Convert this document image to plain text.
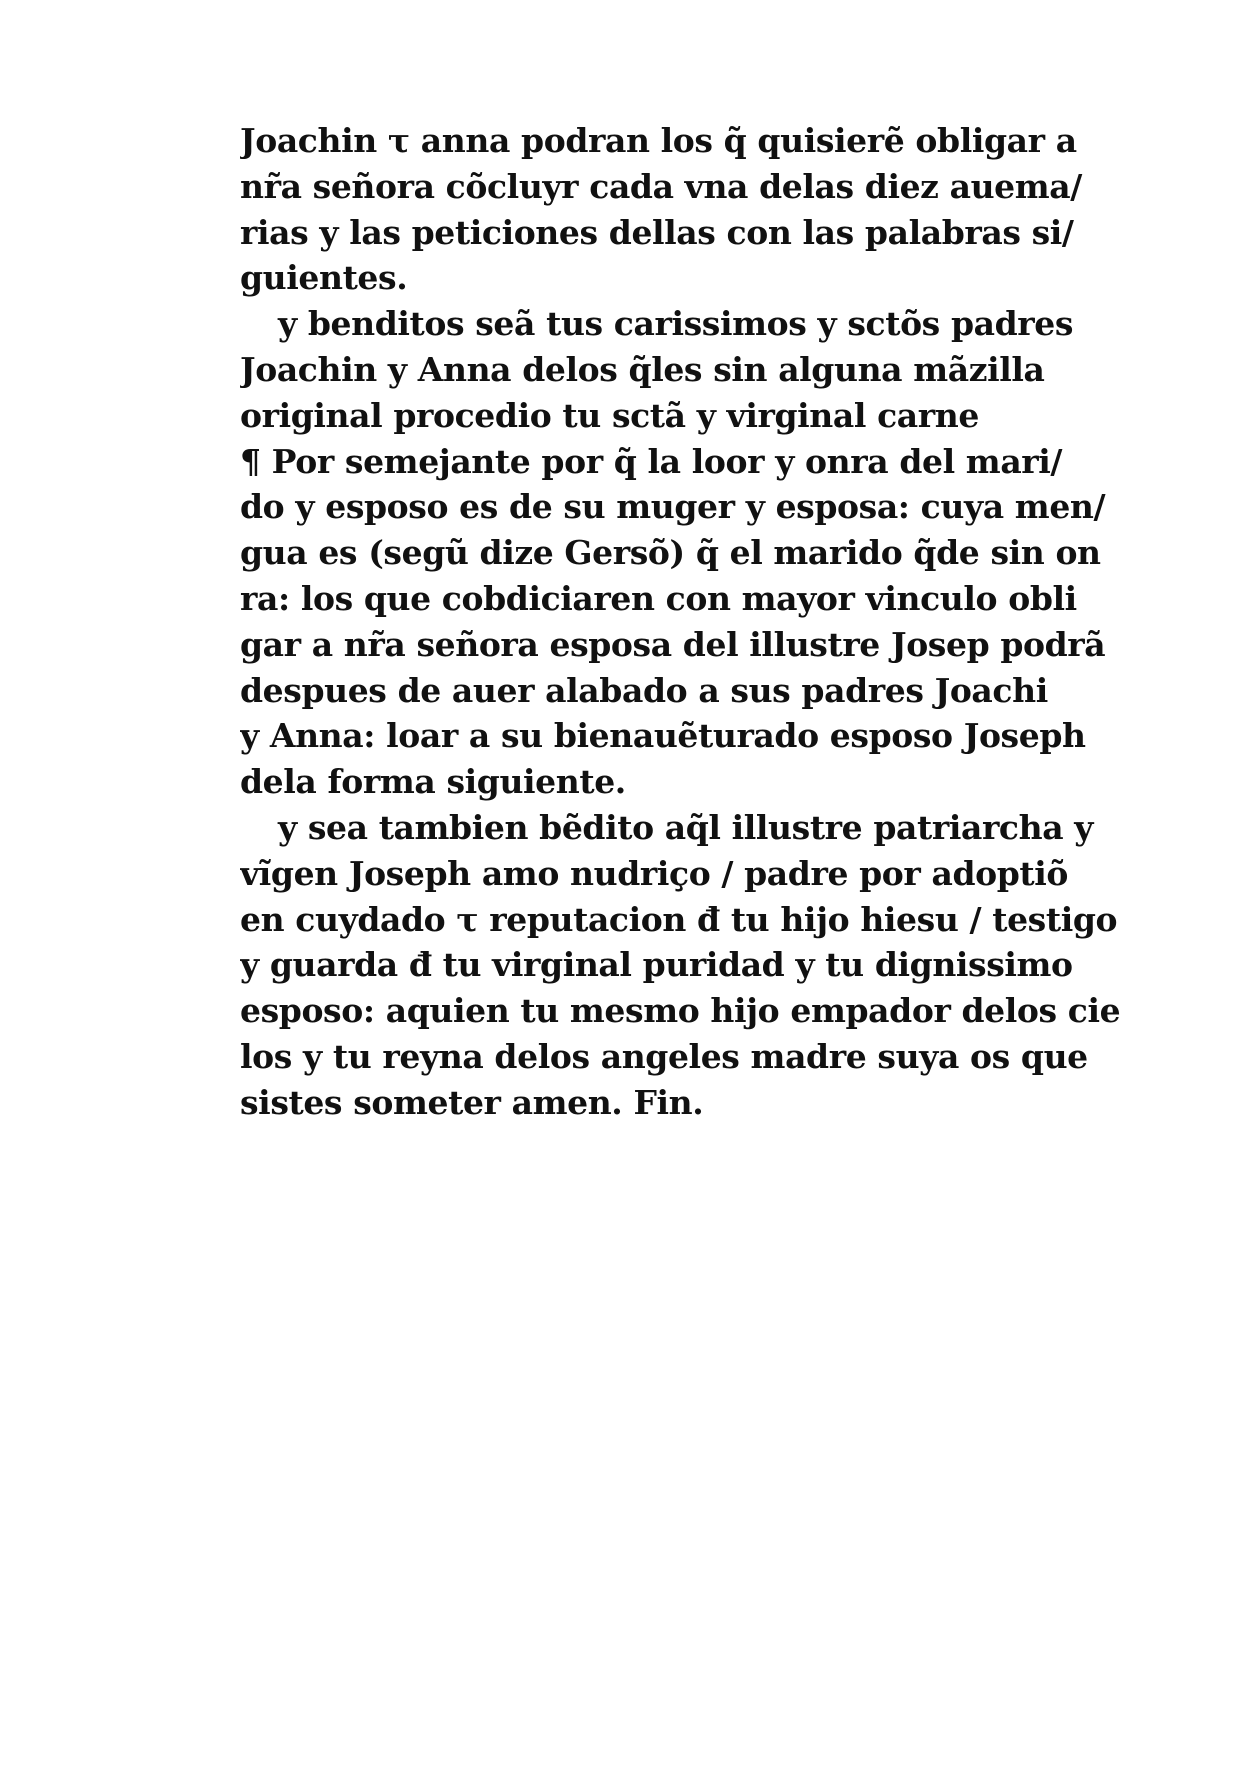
Joachin τ anna podran los q̃ quisierẽ obligar a
nr̃a señora cõcluyr cada vna delas diez auema/
rias y las peticiones dellas con las palabras si/
guientes.
y benditos seã tus carissimos y sctõs padres
Joachin y Anna delos q̃les sin alguna mãzilla
original procedio tu sctã y virginal carne
¶ Por semejante por q̃ la loor y onra del mari/
do y esposo es de su muger y esposa: cuya men/
gua es (segũ dize Gersõ) q̃ el marido q̃de sin on
ra: los que cobdiciaren con mayor vinculo obli
gar a nr̃a señora esposa del illustre Josep podrã
despues de auer alabado a sus padres Joachi
y Anna: loar a su bienauẽturado esposo Joseph
dela forma siguiente.
y sea tambien bẽdito aq̃l illustre patriarcha y
vĩgen Joseph amo nudriço / padre por adoptiõ
en cuydado τ reputacion đ tu hijo hiesu / testigo
y guarda đ tu virginal puridad y tu dignissimo
esposo: aquien tu mesmo hijo empador delos cie
los y tu reyna delos angeles madre suya os que
sistes someter amen. Fin.
